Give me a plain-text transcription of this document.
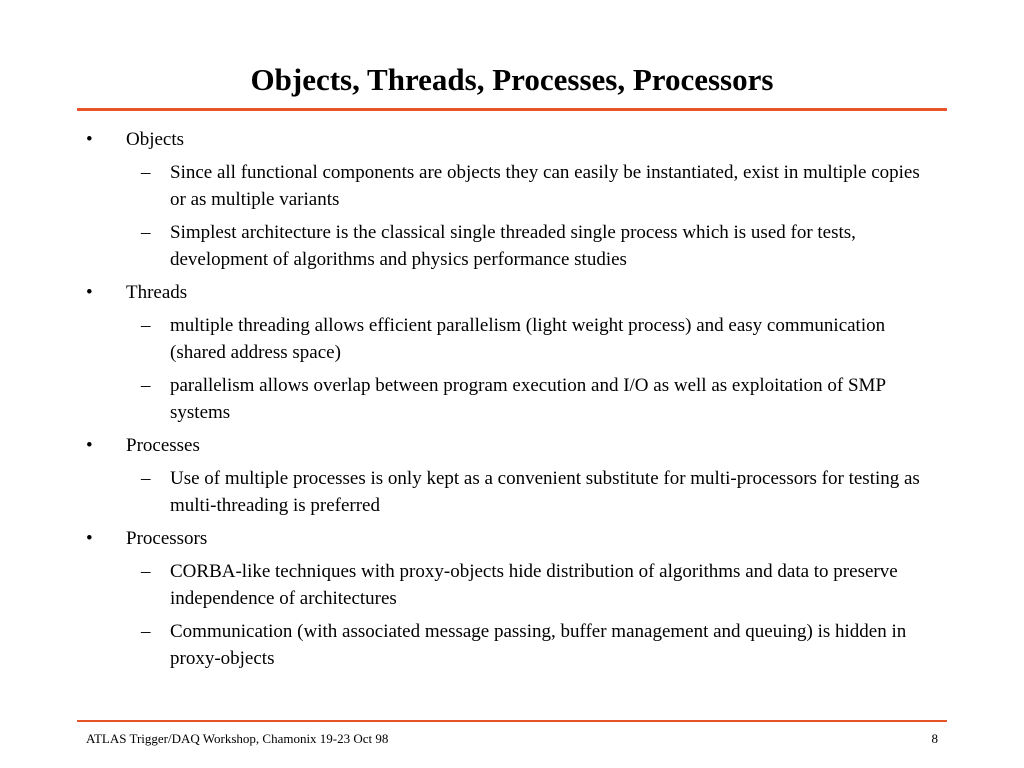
Objects, Threads, Processes, Processors
•	Objects
– Since all functional components are objects they can easily be instantiated, exist in multiple copies or as multiple variants
– Simplest architecture is the classical single threaded single process which is used for tests, development of algorithms and physics performance studies
•	Threads
– multiple threading allows efficient parallelism (light weight process) and easy communication (shared address space)
– parallelism allows overlap between program execution and I/O as well as exploitation of SMP systems
•	Processes
– Use of multiple processes is only kept as a convenient substitute for multi-processors for testing as multi-threading is preferred
•	Processors
– CORBA-like techniques with proxy-objects hide distribution of algorithms and data to preserve independence of architectures
– Communication (with associated message passing, buffer management and queuing) is hidden in proxy-objects
ATLAS Trigger/DAQ Workshop, Chamonix 19-23 Oct 98	8
